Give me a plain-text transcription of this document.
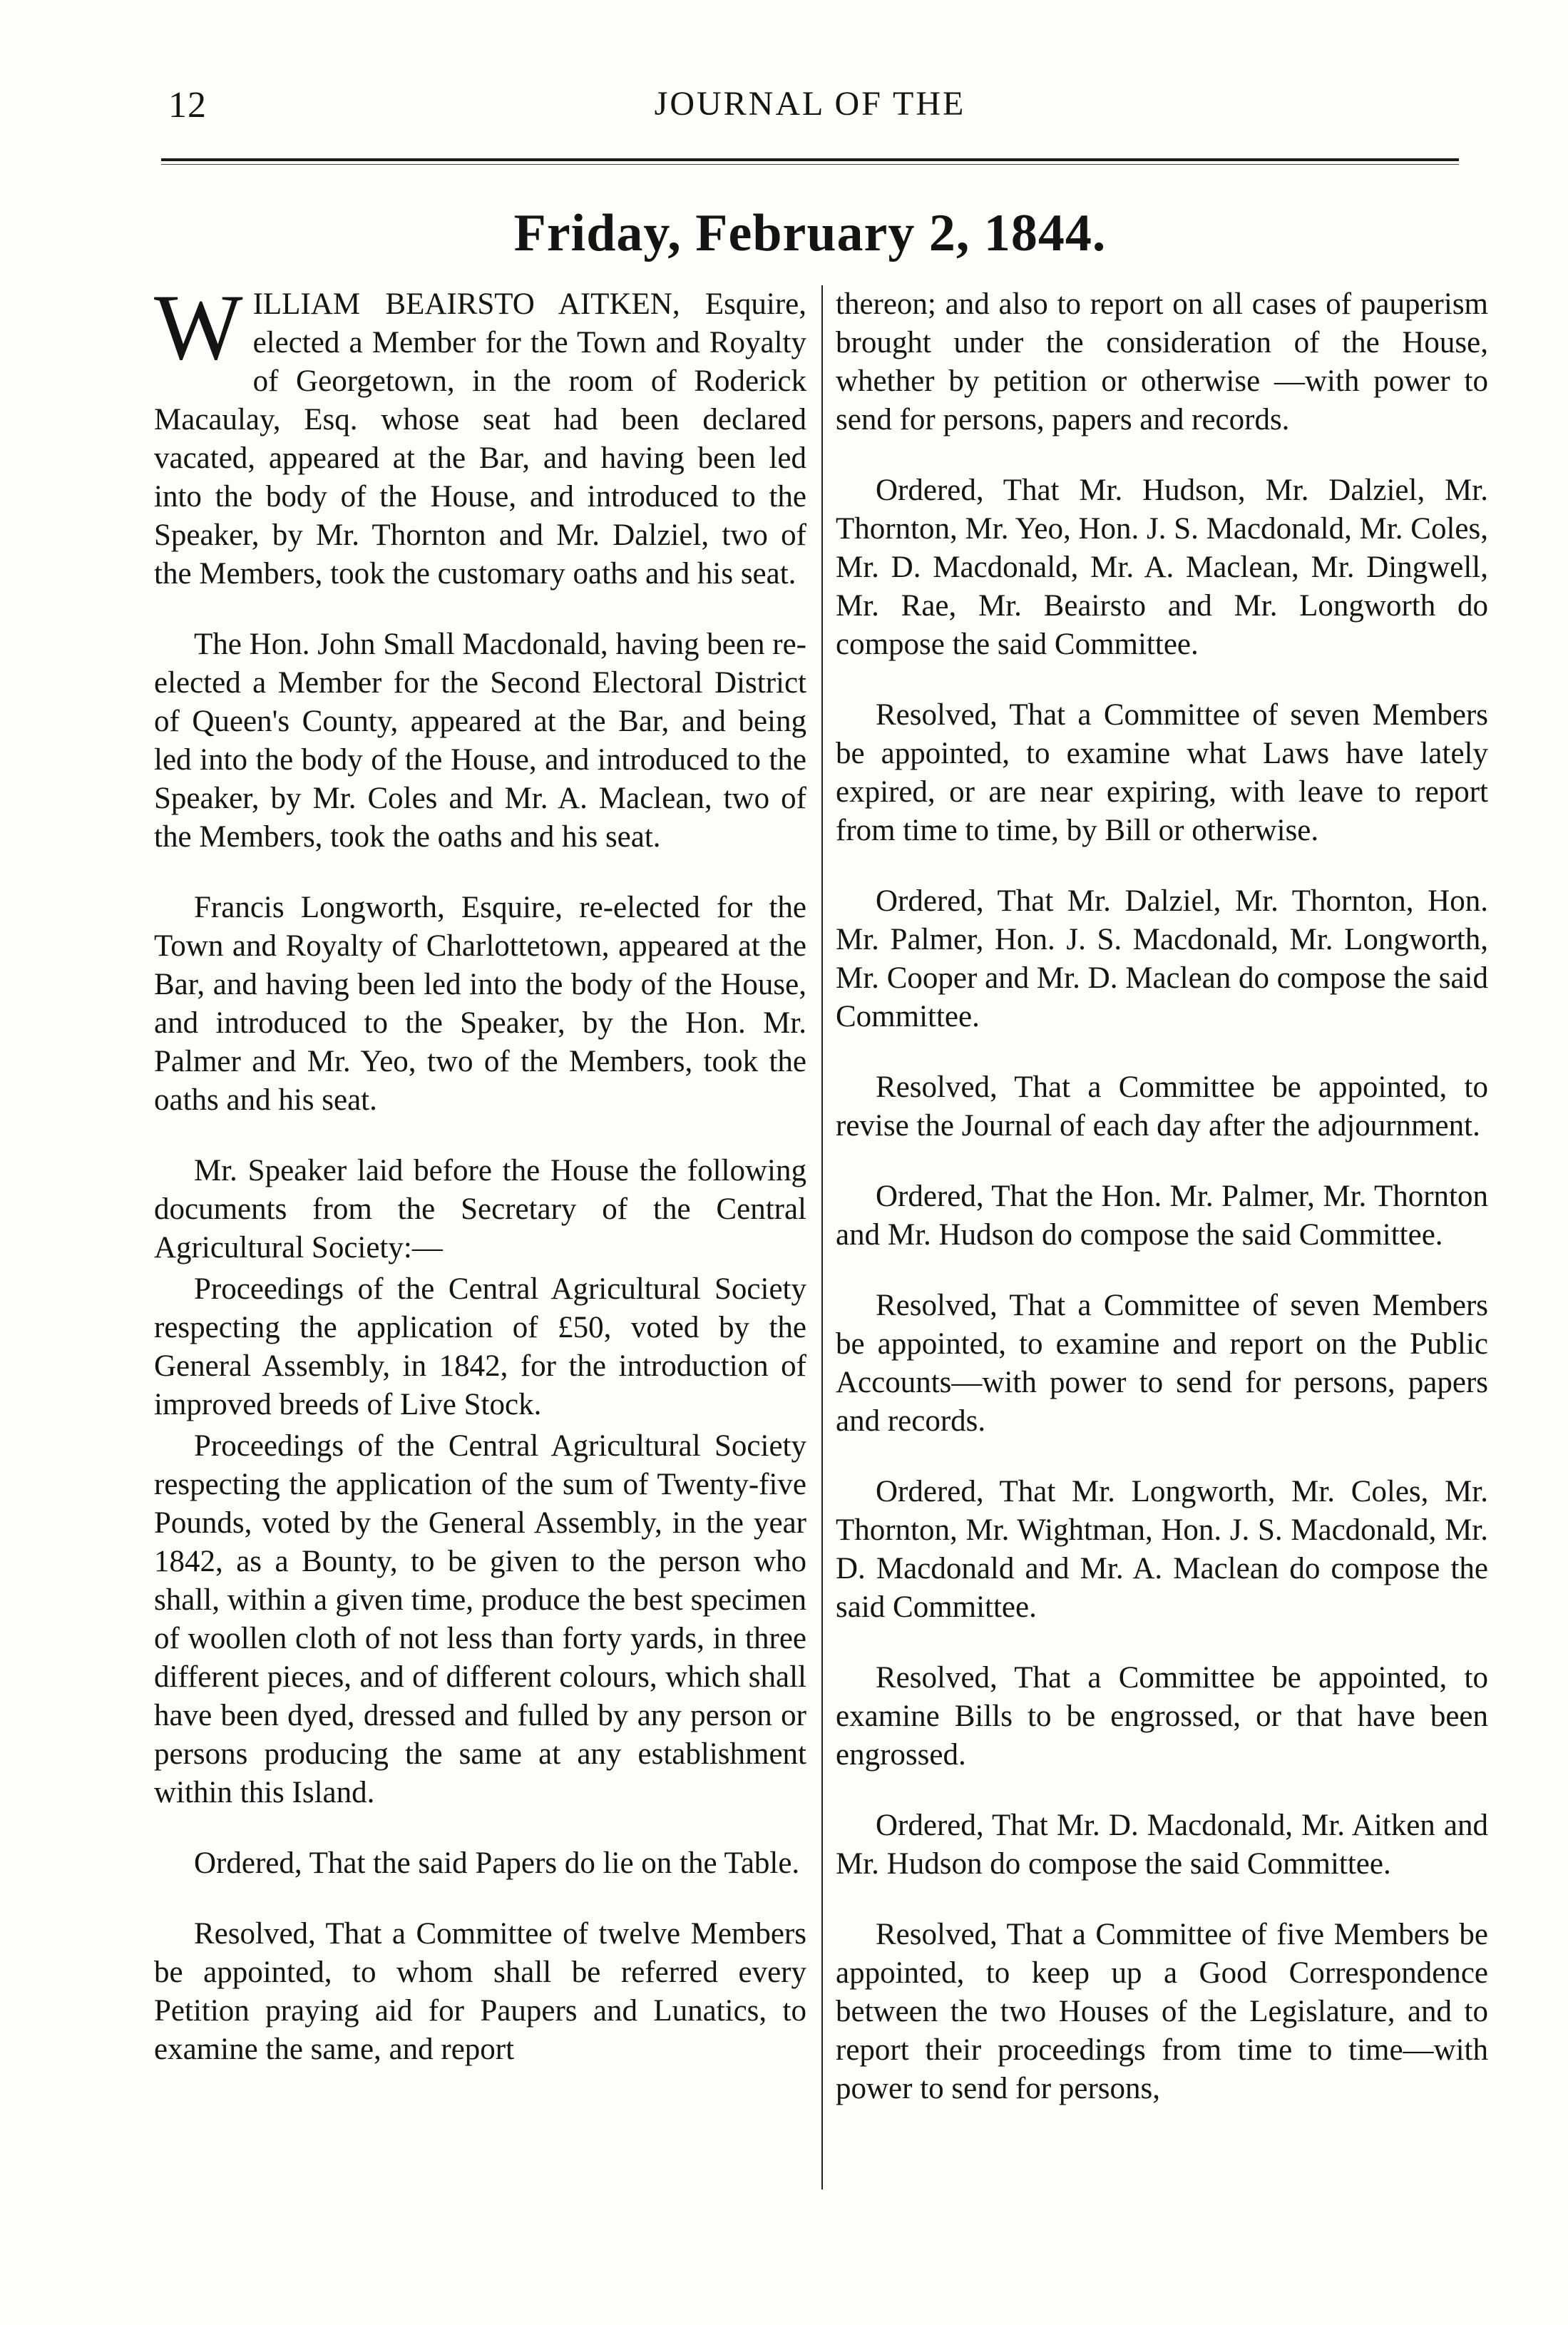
12	JOURNAL OF THE
Friday, February 2, 1844.

WILLIAM BEAIRSTO AITKEN, Esquire, elected a Member for the Town and Royalty of Georgetown, in the room of Roderick Macaulay, Esq. whose seat had been declared vacated, appeared at the Bar, and having been led into the body of the House, and introduced to the Speaker, by Mr. Thornton and Mr. Dalziel, two of the Members, took the customary oaths and his seat.

The Hon. John Small Macdonald, having been re-elected a Member for the Second Electoral District of Queen's County, appeared at the Bar, and being led into the body of the House, and introduced to the Speaker, by Mr. Coles and Mr. A. Maclean, two of the Members, took the oaths and his seat.

Francis Longworth, Esquire, re-elected for the Town and Royalty of Charlottetown, appeared at the Bar, and having been led into the body of the House, and introduced to the Speaker, by the Hon. Mr. Palmer and Mr. Yeo, two of the Members, took the oaths and his seat.

Mr. Speaker laid before the House the following documents from the Secretary of the Central Agricultural Society:—

Proceedings of the Central Agricultural Society respecting the application of £50, voted by the General Assembly, in 1842, for the introduction of improved breeds of Live Stock.

Proceedings of the Central Agricultural Society respecting the application of the sum of Twenty-five Pounds, voted by the General Assembly, in the year 1842, as a Bounty, to be given to the person who shall, within a given time, produce the best specimen of woollen cloth of not less than forty yards, in three different pieces, and of different colours, which shall have been dyed, dressed and fulled by any person or persons producing the same at any establishment within this Island.

Ordered, That the said Papers do lie on the Table.

Resolved, That a Committee of twelve Members be appointed, to whom shall be referred every Petition praying aid for Paupers and Lunatics, to examine the same, and report

thereon; and also to report on all cases of pauperism brought under the consideration of the House, whether by petition or otherwise —with power to send for persons, papers and records.

Ordered, That Mr. Hudson, Mr. Dalziel, Mr. Thornton, Mr. Yeo, Hon. J. S. Macdonald, Mr. Coles, Mr. D. Macdonald, Mr. A. Maclean, Mr. Dingwell, Mr. Rae, Mr. Beairsto and Mr. Longworth do compose the said Committee.

Resolved, That a Committee of seven Members be appointed, to examine what Laws have lately expired, or are near expiring, with leave to report from time to time, by Bill or otherwise.

Ordered, That Mr. Dalziel, Mr. Thornton, Hon. Mr. Palmer, Hon. J. S. Macdonald, Mr. Longworth, Mr. Cooper and Mr. D. Maclean do compose the said Committee.

Resolved, That a Committee be appointed, to revise the Journal of each day after the adjournment.

Ordered, That the Hon. Mr. Palmer, Mr. Thornton and Mr. Hudson do compose the said Committee.

Resolved, That a Committee of seven Members be appointed, to examine and report on the Public Accounts—with power to send for persons, papers and records.

Ordered, That Mr. Longworth, Mr. Coles, Mr. Thornton, Mr. Wightman, Hon. J. S. Macdonald, Mr. D. Macdonald and Mr. A. Maclean do compose the said Committee.

Resolved, That a Committee be appointed, to examine Bills to be engrossed, or that have been engrossed.

Ordered, That Mr. D. Macdonald, Mr. Aitken and Mr. Hudson do compose the said Committee.

Resolved, That a Committee of five Members be appointed, to keep up a Good Correspondence between the two Houses of the Legislature, and to report their proceedings from time to time—with power to send for persons,
